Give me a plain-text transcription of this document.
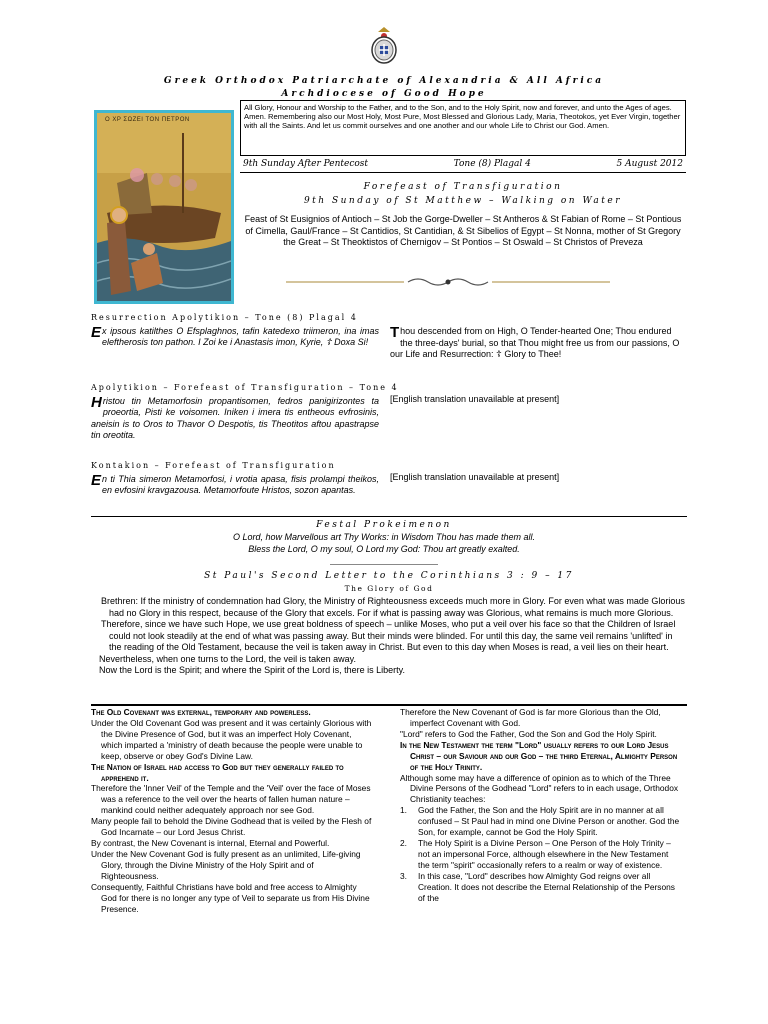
Greek Orthodox Patriarchate of Alexandria & All Africa
Archdiocese of Good Hope
Ο ΧΡ ΣΩΖΕΙ ΤΟΝ ΠΕΤΡΟΝ
All Glory, Honour and Worship to the Father, and to the Son, and to the Holy Spirit, now and forever, and unto the Ages of ages. Amen. Remembering also our Most Holy, Most Pure, Most Blessed and Glorious Lady, Maria, Theotokos, yet Ever Virgin, together with all the Saints. And let us commit ourselves and one another and our whole Life to Christ our God. Amen.
9th Sunday After Pentecost	Tone (8) Plagal 4	5 August 2012
Forefeast of Transfiguration
9th Sunday of St Matthew – Walking on Water
Feast of St Eusignios of Antioch – St Job the Gorge-Dweller – St Antheros & St Fabian of Rome – St Pontious of Cimella, Gaul/France – St Cantidios, St Cantidian, & St Sibelios of Egypt – St Nonna, mother of St Gregory the Great – St Theoktistos of Chernigov – St Pontios – St Oswald – St Christos of Preveza
Resurrection Apolytikion – Tone (8) Plagal 4
Ex ipsous katilthes O Efsplaghnos, tafin katedexo triimeron, ina imas eleftherosis ton pathon. I Zoi ke i Anastasis imon, Kyrie, ☦ Doxa Si!
Thou descended from on High, O Tender-hearted One; Thou endured the three-days' burial, so that Thou might free us from our passions, O our Life and Resurrection: ☦ Glory to Thee!
Apolytikion – Forefeast of Transfiguration – Tone 4
Hristou tin Metamorfosin propantisomen, fedros panigirizontes ta proeortia, Pisti ke voisomen. Iniken i imera tis entheous evfrosinis, aneisin is to Oros to Thavor O Despotis, tis Theotitos aftou apastrapse tin oreotita.
[English translation unavailable at present]
Kontakion – Forefeast of Transfiguration
En ti Thia simeron Metamorfosi, i vrotia apasa, fisis prolampi theikos, en evfosini kravgazousa. Metamorfoute Hristos, sozon apantas.
[English translation unavailable at present]
Festal Prokeimenon
O Lord, how Marvellous art Thy Works: in Wisdom Thou has made them all.
Bless the Lord, O my soul, O Lord my God: Thou art greatly exalted.
St Paul's Second Letter to the Corinthians 3 : 9 – 17
The Glory of God

Brethren: If the ministry of condemnation had Glory, the Ministry of Righteousness exceeds much more in Glory. For even what was made Glorious had no Glory in this respect, because of the Glory that excels. For if what is passing away was Glorious, what remains is much more Glorious.

Therefore, since we have such Hope, we use great boldness of speech – unlike Moses, who put a veil over his face so that the Children of Israel could not look steadily at the end of what was passing away. But their minds were blinded. For until this day, the same veil remains 'unlifted' in the reading of the Old Testament, because the veil is taken away in Christ. But even to this day when Moses is read, a veil lies on their heart.

Nevertheless, when one turns to the Lord, the veil is taken away.

Now the Lord is the Spirit; and where the Spirit of the Lord is, there is Liberty.

The Old Covenant was external, temporary and powerless.

Under the Old Covenant God was present and it was certainly Glorious with the Divine Presence of God, but it was an imperfect Holy Covenant, which imparted a 'ministry of death because the people were unable to keep, observe or obey God's Divine Law.

The Nation of Israel had access to God but they generally failed to apprehend it.

Therefore the 'Inner Veil' of the Temple and the 'Veil' over the face of Moses was a reference to the veil over the hearts of fallen human nature – mankind could neither adequately approach nor see God.

Many people fail to behold the Divine Godhead that is veiled by the Flesh of God Incarnate – our Lord Jesus Christ.

By contrast, the New Covenant is internal, Eternal and Powerful.

Under the New Covenant God is fully present as an unlimited, Life-giving Glory, through the Divine Ministry of the Holy Spirit and of Righteousness.

Consequently, Faithful Christians have bold and free access to Almighty God for there is no longer any type of Veil to separate us from His Divine Presence.

Therefore the New Covenant of God is far more Glorious than the Old, imperfect Covenant with God.

"Lord" refers to God the Father, God the Son and God the Holy Spirit.

In the New Testament the term "Lord" usually refers to our Lord Jesus Christ – our Saviour and our God – the third Eternal, Almighty Person of the Holy Trinity.

Although some may have a difference of opinion as to which of the Three Divine Persons of the Godhead "Lord" refers to in each usage, Orthodox Christianity teaches:

1.	God the Father, the Son and the Holy Spirit are in no manner at all confused – St Paul had in mind one Divine Person or another. God the Son, for example, cannot be God the Holy Spirit.
2.	The Holy Spirit is a Divine Person – One Person of the Holy Trinity – not an impersonal Force, although elsewhere in the New Testament the term "spirit" occasionally refers to a realm or way of existence.
3.	In this case, "Lord" describes how Almighty God reigns over all Creation. It does not describe the Eternal Relationship of the Persons of the
